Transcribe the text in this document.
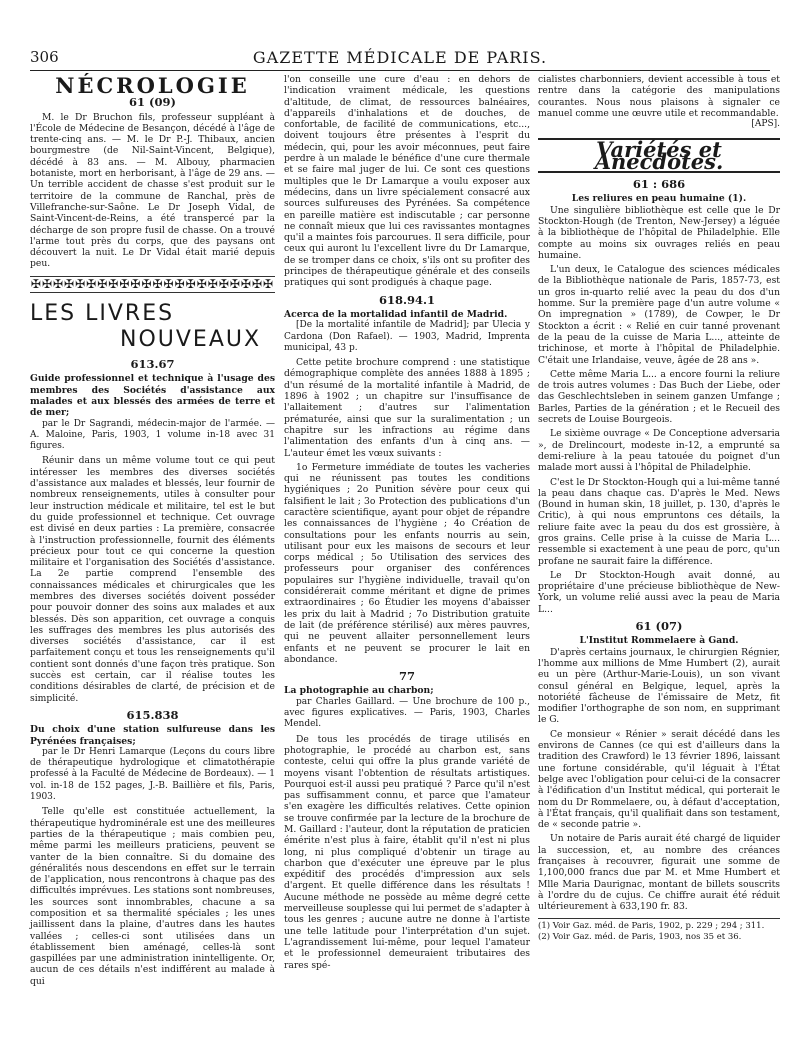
306	GAZETTE MÉDICALE DE PARIS.
NÉCROLOGIE
61 (09)

M. le Dr Bruchon fils, professeur suppléant à l'École de Médecine de Besançon, décédé à l'âge de trente-cinq ans. — M. le Dr P.-J. Thibaux, ancien bourgmestre (de Nil-Saint-Vincent, Belgique), décédé à 83 ans. — M. Albouy, pharmacien botaniste, mort en herborisant, à l'âge de 29 ans. — Un terrible accident de chasse s'est produit sur le territoire de la commune de Ranchal, près de Villefranche-sur-Saône. Le Dr Joseph Vidal, de Saint-Vincent-de-Reins, a été transpercé par la décharge de son propre fusil de chasse. On a trouvé l'arme tout près du corps, que des paysans ont découvert la nuit. Le Dr Vidal était marié depuis peu.

✠✠✠✠✠✠✠✠✠✠✠✠✠✠✠✠✠✠✠✠✠✠
LES LIVRES
NOUVEAUX
613.67

Guide professionnel et technique à l'usage des membres des Sociétés d'assistance aux malades et aux blessés des armées de terre et de mer;

par le Dr Sagrandi, médecin-major de l'armée. — A. Maloine, Paris, 1903, 1 volume in-18 avec 31 figures.

Réunir dans un même volume tout ce qui peut intéresser les membres des diverses sociétés d'assistance aux malades et blessés, leur fournir de nombreux renseignements, utiles à consulter pour leur instruction médicale et militaire, tel est le but du guide professionnel et technique. Cet ouvrage est divisé en deux parties : La première, consacrée à l'instruction professionnelle, fournit des éléments précieux pour tout ce qui concerne la question militaire et l'organisation des Sociétés d'assistance. La 2e partie comprend l'ensemble des connaissances médicales et chirurgicales que les membres des diverses sociétés doivent posséder pour pouvoir donner des soins aux malades et aux blessés. Dès son apparition, cet ouvrage a conquis les suffrages des membres les plus autorisés des diverses sociétés d'assistance, car il est parfaitement conçu et tous les renseignements qu'il contient sont donnés d'une façon très pratique. Son succès est certain, car il réalise toutes les conditions désirables de clarté, de précision et de simplicité.

615.838

Du choix d'une station sulfureuse dans les Pyrénées françaises;

par le Dr Henri Lamarque (Leçons du cours libre de thérapeutique hydrologique et climatothérapie professé à la Faculté de Médecine de Bordeaux). — 1 vol. in-18 de 152 pages, J.-B. Baillière et fils, Paris, 1903.

Telle qu'elle est constituée actuellement, la thérapeutique hydrominérale est une des meilleures parties de la thérapeutique ; mais combien peu, même parmi les meilleurs praticiens, peuvent se vanter de la bien connaître. Si du domaine des généralités nous descendons en effet sur le terrain de l'application, nous rencontrons à chaque pas des difficultés imprévues. Les stations sont nombreuses, les sources sont innombrables, chacune a sa composition et sa thermalité spéciales ; les unes jaillissent dans la plaine, d'autres dans les hautes vallées ; celles-ci sont utilisées dans un établissement bien aménagé, celles-là sont gaspillées par une administration inintelligente. Or, aucun de ces détails n'est indifférent au malade à qui

l'on conseille une cure d'eau : en dehors de l'indication vraiment médicale, les questions d'altitude, de climat, de ressources balnéaires, d'appareils d'inhalations et de douches, de confortable, de facilité de communications, etc..., doivent toujours être présentes à l'esprit du médecin, qui, pour les avoir méconnues, peut faire perdre à un malade le bénéfice d'une cure thermale et se faire mal juger de lui. Ce sont ces questions multiples que le Dr Lamarque a voulu exposer aux médecins, dans un livre spécialement consacré aux sources sulfureuses des Pyrénées. Sa compétence en pareille matière est indiscutable ; car personne ne connaît mieux que lui ces ravissantes montagnes qu'il a maintes fois parcourues. Il sera difficile, pour ceux qui auront lu l'excellent livre du Dr Lamarque, de se tromper dans ce choix, s'ils ont su profiter des principes de thérapeutique générale et des conseils pratiques qui sont prodigués à chaque page.

618.94.1

Acerca de la mortalidad infantil de Madrid.

[De la mortalité infantile de Madrid]; par Ulecia y Cardona (Don Rafael). — 1903, Madrid, Imprenta municipal, 43 p.

Cette petite brochure comprend : une statistique démographique complète des années 1888 à 1895 ; d'un résumé de la mortalité infantile à Madrid, de 1896 à 1902 ; un chapitre sur l'insuffisance de l'allaitement ; d'autres sur l'alimentation prématurée, ainsi que sur la suralimentation ; un chapitre sur les infractions au régime dans l'alimentation des enfants d'un à cinq ans. — L'auteur émet les vœux suivants :

1o Fermeture immédiate de toutes les vacheries qui ne réunissent pas toutes les conditions hygiéniques ; 2o Punition sévère pour ceux qui falsifient le lait ; 3o Protection des publications d'un caractère scientifique, ayant pour objet de répandre les connaissances de l'hygiène ; 4o Création de consultations pour les enfants nourris au sein, utilisant pour eux les maisons de secours et leur corps médical ; 5o Utilisation des services des professeurs pour organiser des conférences populaires sur l'hygiène individuelle, travail qu'on considérerait comme méritant et digne de primes extraordinaires ; 6o Étudier les moyens d'abaisser les prix du lait à Madrid ; 7o Distribution gratuite de lait (de préférence stérilisé) aux mères pauvres, qui ne peuvent allaiter personnellement leurs enfants et ne peuvent se procurer le lait en abondance.

77

La photographie au charbon;

par Charles Gaillard. — Une brochure de 100 p., avec figures explicatives. — Paris, 1903, Charles Mendel.

De tous les procédés de tirage utilisés en photographie, le procédé au charbon est, sans conteste, celui qui offre la plus grande variété de moyens visant l'obtention de résultats artistiques. Pourquoi est-il aussi peu pratiqué ? Parce qu'il n'est pas suffisamment connu, et parce que l'amateur s'en exagère les difficultés relatives. Cette opinion se trouve confirmée par la lecture de la brochure de M. Gaillard : l'auteur, dont la réputation de praticien émérite n'est plus à faire, établit qu'il n'est ni plus long, ni plus compliqué d'obtenir un tirage au charbon que d'exécuter une épreuve par le plus expéditif des procédés d'impression aux sels d'argent. Et quelle différence dans les résultats ! Aucune méthode ne possède au même degré cette merveilleuse souplesse qui lui permet de s'adapter à tous les genres ; aucune autre ne donne à l'artiste une telle latitude pour l'interprétation d'un sujet. L'agrandissement lui-même, pour lequel l'amateur et le professionnel demeuraient tributaires des rares spé-

cialistes charbonniers, devient accessible à tous et rentre dans la catégorie des manipulations courantes. Nous nous plaisons à signaler ce manuel comme une œuvre utile et recommandable.

[APS].
Variétés et Anecdotes.
61 : 686

Les reliures en peau humaine (1).

Une singulière bibliothèque est celle que le Dr Stockton-Hough (de Trenton, New-Jersey) a léguée à la bibliothèque de l'hôpital de Philadelphie. Elle compte au moins six ouvrages reliés en peau humaine.

L'un deux, le Catalogue des sciences médicales de la Bibliothèque nationale de Paris, 1857-73, est un gros in-quarto relié avec la peau du dos d'un homme. Sur la première page d'un autre volume « On impregnation » (1789), de Cowper, le Dr Stockton a écrit : « Relié en cuir tanné provenant de la peau de la cuisse de Maria L..., atteinte de trichinose, et morte à l'hôpital de Philadelphie. C'était une Irlandaise, veuve, âgée de 28 ans ».

Cette même Maria L... a encore fourni la reliure de trois autres volumes : Das Buch der Liebe, oder das Geschlechtsleben in seinem ganzen Umfange ; Barles, Parties de la génération ; et le Recueil des secrets de Louise Bourgeois.

Le sixième ouvrage « De Conceptione adversaria », de Drelincourt, modeste in-12, a emprunté sa demi-reliure à la peau tatouée du poignet d'un malade mort aussi à l'hôpital de Philadelphie.

C'est le Dr Stockton-Hough qui a lui-même tanné la peau dans chaque cas. D'après le Med. News (Bound in human skin, 18 juillet, p. 130, d'après le Critic), à qui nous empruntons ces détails, la reliure faite avec la peau du dos est grossière, à gros grains. Celle prise à la cuisse de Maria L... ressemble si exactement à une peau de porc, qu'un profane ne saurait faire la différence.

Le Dr Stockton-Hough avait donné, au propriétaire d'une précieuse bibliothèque de New-York, un volume relié aussi avec la peau de Maria L...

61 (07)

L'Institut Rommelaere à Gand.

D'après certains journaux, le chirurgien Régnier, l'homme aux millions de Mme Humbert (2), aurait eu un père (Arthur-Marie-Louis), un son vivant consul général en Belgique, lequel, après la notoriété fâcheuse de l'émissaire de Metz, fit modifier l'orthographe de son nom, en supprimant le G.

Ce monsieur « Rénier » serait décédé dans les environs de Cannes (ce qui est d'ailleurs dans la tradition des Crawford) le 13 février 1896, laissant une fortune considérable, qu'il léguait à l'État belge avec l'obligation pour celui-ci de la consacrer à l'édification d'un Institut médical, qui porterait le nom du Dr Rommelaere, ou, à défaut d'acceptation, à l'État français, qu'il qualifiait dans son testament, de « seconde patrie ».

Un notaire de Paris aurait été chargé de liquider la succession, et, au nombre des créances françaises à recouvrer, figurait une somme de 1,100,000 francs due par M. et Mme Humbert et Mlle Maria Daurignac, montant de billets souscrits à l'ordre du de cujus. Ce chiffre aurait été réduit ultérieurement à 633,190 fr. 83.

(1) Voir Gaz. méd. de Paris, 1902, p. 229 ; 294 ; 311.
(2) Voir Gaz. méd. de Paris, 1903, nos 35 et 36.
